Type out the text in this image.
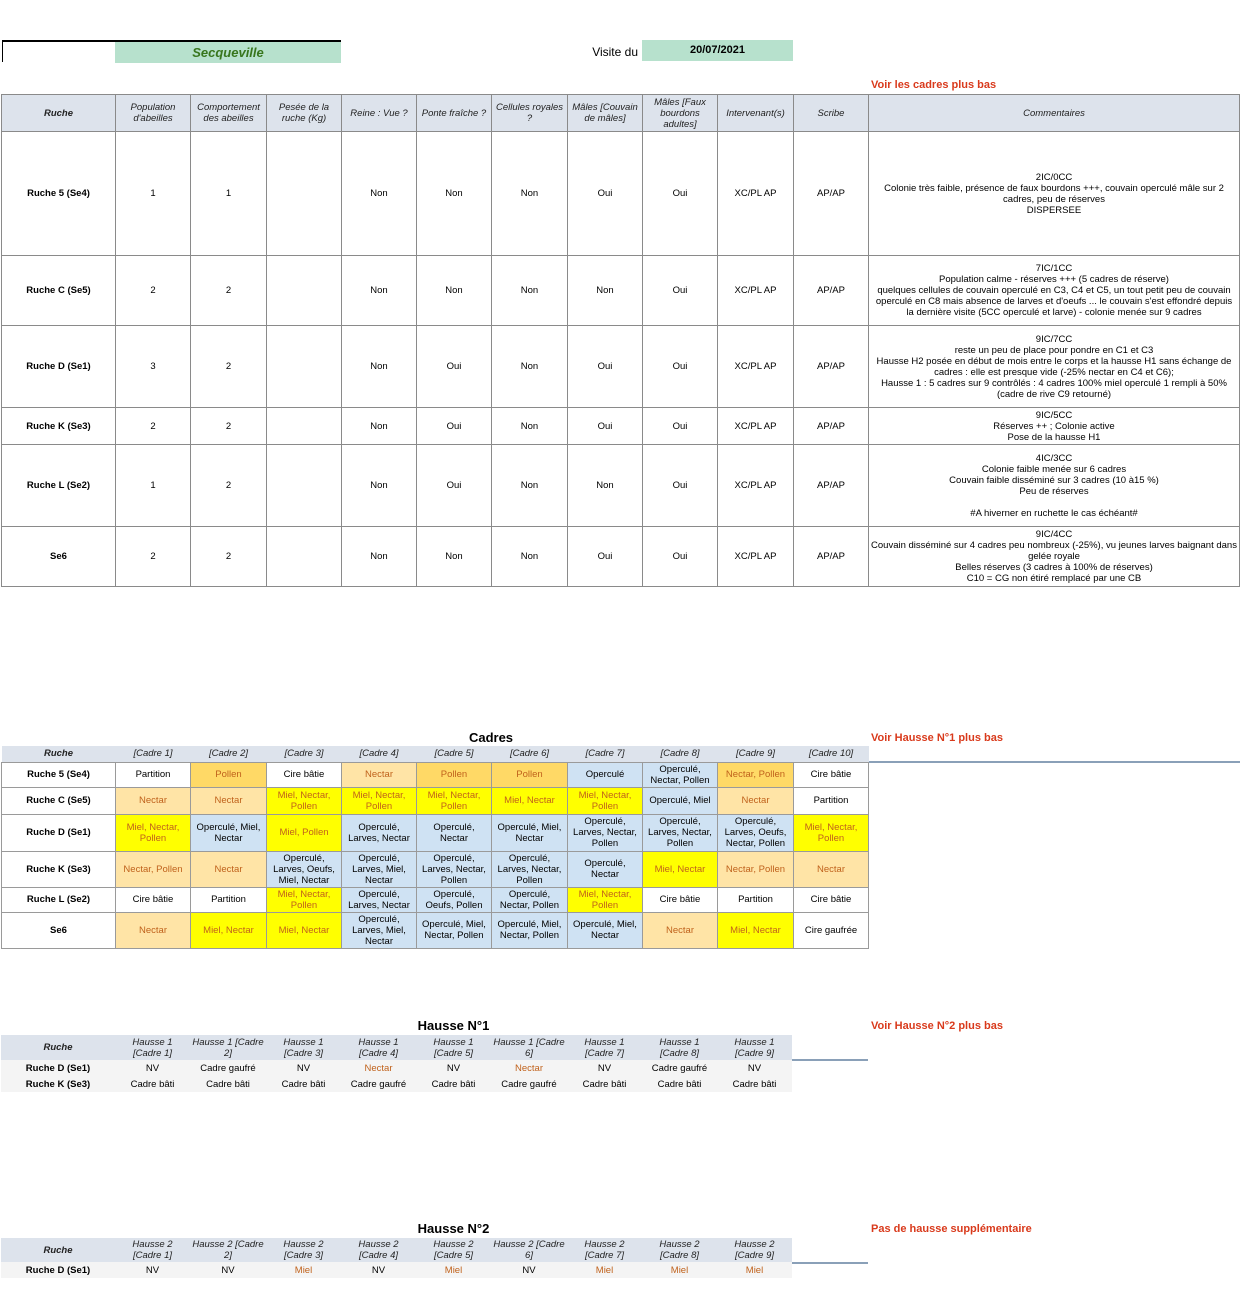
Secqueville	Visite du	20/07/2021
Voir les cadres plus bas
Ruche	Population d'abeilles	Comportement des abeilles	Pesée de la ruche (Kg)	Reine : Vue ?	Ponte fraîche ?	Cellules royales ?	Mâles [Couvain de mâles]	Mâles [Faux bourdons adultes]	Intervenant(s)	Scribe	Commentaires
Ruche 5 (Se4)	1	1		Non	Non	Non	Oui	Oui	XC/PL AP	AP/AP	2IC/0CC
Colonie très faible, présence de faux bourdons +++, couvain operculé mâle sur 2 cadres, peu de réserves
DISPERSEE

Ruche C (Se5)	2	2		Non	Non	Non	Non	Oui	XC/PL AP	AP/AP	7IC/1CC
Population calme - réserves +++ (5 cadres de réserve)
quelques cellules de couvain operculé en C3, C4 et C5, un tout petit peu de couvain operculé en C8 mais absence de larves et d'oeufs ... le couvain s'est effondré depuis la dernière visite (5CC operculé et larve) - colonie menée sur 9 cadres

Ruche D (Se1)	3	2		Non	Oui	Non	Oui	Oui	XC/PL AP	AP/AP	9IC/7CC
reste un peu de place pour pondre en C1 et C3
Hausse H2 posée en début de mois entre le corps et la hausse H1 sans échange de cadres : elle est presque vide (-25% nectar en C4 et C6);
Hausse 1 : 5 cadres sur 9 contrôlés : 4 cadres 100% miel operculé 1 rempli à 50% (cadre de rive C9 retourné)

Ruche K (Se3)	2	2		Non	Oui	Non	Oui	Oui	XC/PL AP	AP/AP	9IC/5CC
Réserves ++ ; Colonie active
Pose de la hausse H1

Ruche L (Se2)	1	2		Non	Oui	Non	Non	Oui	XC/PL AP	AP/AP	4IC/3CC
Colonie faible menée sur 6 cadres
Couvain faible disséminé sur 3 cadres (10 à15 %)
Peu de réserves

#A hiverner en ruchette le cas échéant#

Se6	2	2		Non	Non	Non	Oui	Oui	XC/PL AP	AP/AP	9IC/4CC
Couvain disséminé sur 4 cadres peu nombreux (-25%), vu jeunes larves baignant dans gelée royale
Belles réserves (3 cadres à 100% de réserves)
C10 = CG non étiré remplacé par une CB
Cadres	Voir Hausse N°1 plus bas
Ruche	[Cadre 1]	[Cadre 2]	[Cadre 3]	[Cadre 4]	[Cadre 5]	[Cadre 6]	[Cadre 7]	[Cadre 8]	[Cadre 9]	[Cadre 10]
Ruche 5 (Se4)	Partition	Pollen	Cire bâtie	Nectar	Pollen	Pollen	Operculé	Operculé, Nectar, Pollen	Nectar, Pollen	Cire bâtie
Ruche C (Se5)	Nectar	Nectar	Miel, Nectar, Pollen	Miel, Nectar, Pollen	Miel, Nectar, Pollen	Miel, Nectar	Miel, Nectar, Pollen	Operculé, Miel	Nectar	Partition
Ruche D (Se1)	Miel, Nectar, Pollen	Operculé, Miel, Nectar	Miel, Pollen	Operculé, Larves, Nectar	Operculé, Nectar	Operculé, Miel, Nectar	Operculé, Larves, Nectar, Pollen	Operculé, Larves, Nectar, Pollen	Operculé, Larves, Oeufs, Nectar, Pollen	Miel, Nectar, Pollen
Ruche K (Se3)	Nectar, Pollen	Nectar	Operculé, Larves, Oeufs, Miel, Nectar	Operculé, Larves, Miel, Nectar	Operculé, Larves, Nectar, Pollen	Operculé, Larves, Nectar, Pollen	Operculé, Nectar	Miel, Nectar	Nectar, Pollen	Nectar
Ruche L (Se2)	Cire bâtie	Partition	Miel, Nectar, Pollen	Operculé, Larves, Nectar	Operculé, Oeufs, Pollen	Operculé, Nectar, Pollen	Miel, Nectar, Pollen	Cire bâtie	Partition	Cire bâtie
Se6	Nectar	Miel, Nectar	Miel, Nectar	Operculé, Larves, Miel, Nectar	Operculé, Miel, Nectar, Pollen	Operculé, Miel, Nectar, Pollen	Operculé, Miel, Nectar	Nectar	Miel, Nectar	Cire gaufrée
Hausse N°1	Voir Hausse N°2 plus bas
Ruche	Hausse 1 [Cadre 1]	Hausse 1 [Cadre 2]	Hausse 1 [Cadre 3]	Hausse 1 [Cadre 4]	Hausse 1 [Cadre 5]	Hausse 1 [Cadre 6]	Hausse 1 [Cadre 7]	Hausse 1 [Cadre 8]	Hausse 1 [Cadre 9]
Ruche D (Se1)	NV	Cadre gaufré	NV	Nectar	NV	Nectar	NV	Cadre gaufré	NV
Ruche K (Se3)	Cadre bâti	Cadre bâti	Cadre bâti	Cadre gaufré	Cadre bâti	Cadre gaufré	Cadre bâti	Cadre bâti	Cadre bâti
Hausse N°2	Pas de hausse supplémentaire
Ruche	Hausse 2 [Cadre 1]	Hausse 2 [Cadre 2]	Hausse 2 [Cadre 3]	Hausse 2 [Cadre 4]	Hausse 2 [Cadre 5]	Hausse 2 [Cadre 6]	Hausse 2 [Cadre 7]	Hausse 2 [Cadre 8]	Hausse 2 [Cadre 9]
Ruche D (Se1)	NV	NV	Miel	NV	Miel	NV	Miel	Miel	Miel
